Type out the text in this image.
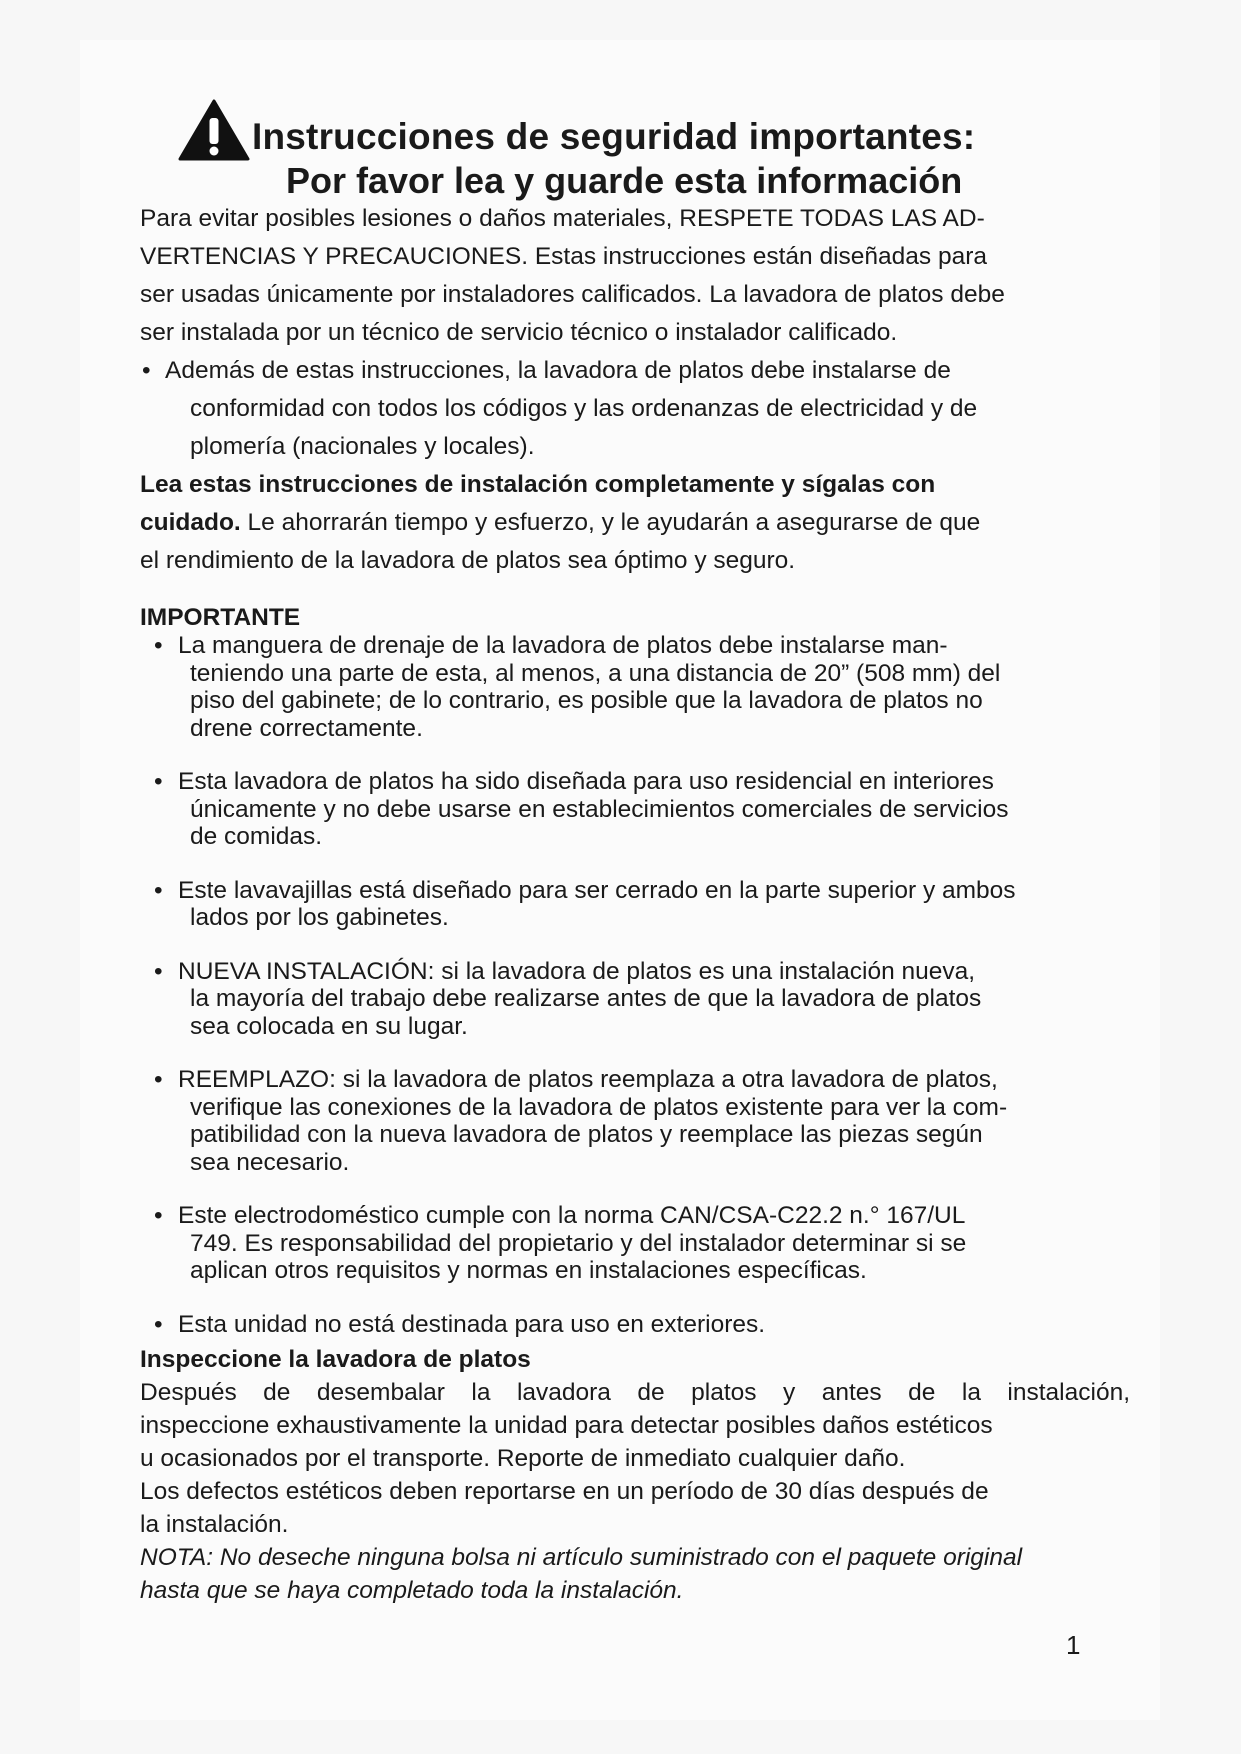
Instrucciones de seguridad importantes:
Por favor lea y guarde esta información

Para evitar posibles lesiones o daños materiales, RESPETE TODAS LAS AD-

VERTENCIAS Y PRECAUCIONES. Estas instrucciones están diseñadas para

ser usadas únicamente por instaladores calificados. La lavadora de platos debe

ser instalada por un técnico de servicio técnico o instalador calificado.

• Además de estas instrucciones, la lavadora de platos debe instalarse de
conformidad con todos los códigos y las ordenanzas de electricidad y de
plomería (nacionales y locales).

Lea estas instrucciones de instalación completamente y sígalas con

cuidado. Le ahorrarán tiempo y esfuerzo, y le ayudarán a asegurarse de que

el rendimiento de la lavadora de platos sea óptimo y seguro.

IMPORTANTE

• La manguera de drenaje de la lavadora de platos debe instalarse man-
teniendo una parte de esta, al menos, a una distancia de 20” (508 mm) del
piso del gabinete; de lo contrario, es posible que la lavadora de platos no
drene correctamente.
• Esta lavadora de platos ha sido diseñada para uso residencial en interiores
únicamente y no debe usarse en establecimientos comerciales de servicios
de comidas.
• Este lavavajillas está diseñado para ser cerrado en la parte superior y ambos
lados por los gabinetes.
• NUEVA INSTALACIÓN: si la lavadora de platos es una instalación nueva,
la mayoría del trabajo debe realizarse antes de que la lavadora de platos
sea colocada en su lugar.
• REEMPLAZO: si la lavadora de platos reemplaza a otra lavadora de platos,
verifique las conexiones de la lavadora de platos existente para ver la com-
patibilidad con la nueva lavadora de platos y reemplace las piezas según
sea necesario.
• Este electrodoméstico cumple con la norma CAN/CSA-C22.2 n.° 167/UL
749. Es responsabilidad del propietario y del instalador determinar si se
aplican otros requisitos y normas en instalaciones específicas.
• Esta unidad no está destinada para uso en exteriores.

Inspeccione la lavadora de platos

Después de desembalar la lavadora de platos y antes de la instalación,

inspeccione exhaustivamente la unidad para detectar posibles daños estéticos

u ocasionados por el transporte. Reporte de inmediato cualquier daño.

Los defectos estéticos deben reportarse en un período de 30 días después de

la instalación.

NOTA: No deseche ninguna bolsa ni artículo suministrado con el paquete original

hasta que se haya completado toda la instalación.

1
